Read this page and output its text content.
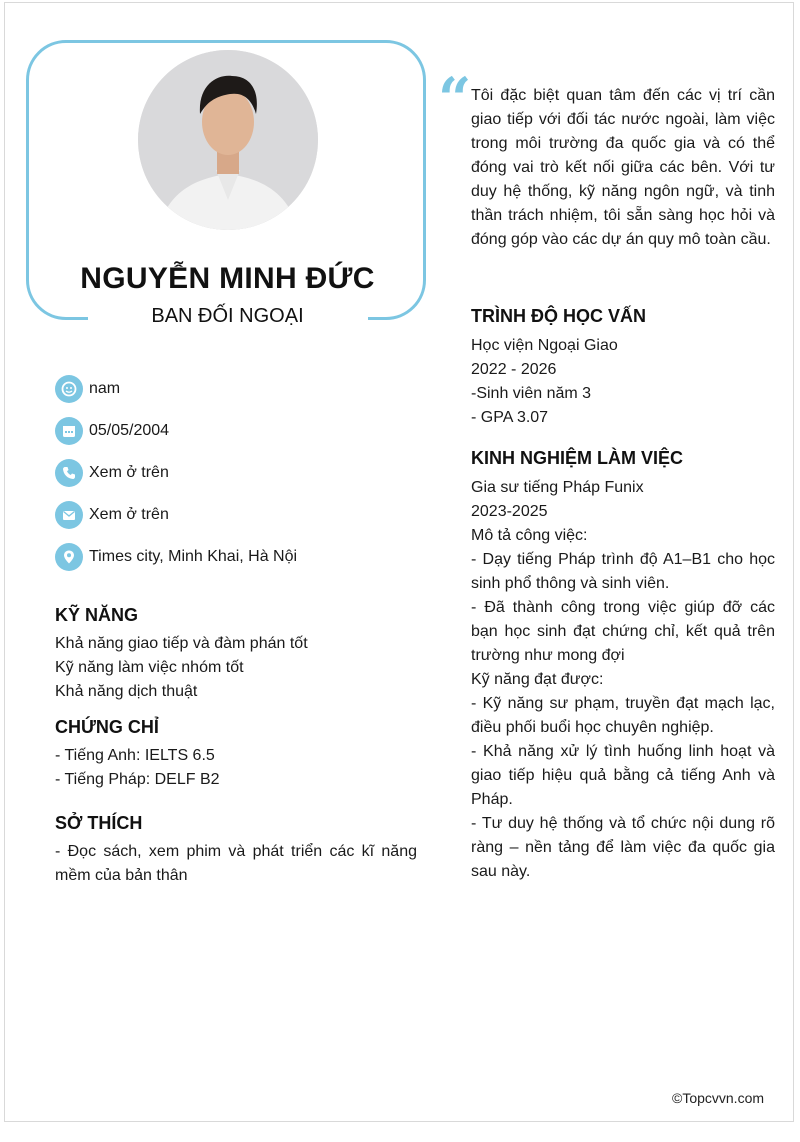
NGUYỄN MINH ĐỨC
BAN ĐỐI NGOẠI
nam
05/05/2004
Xem ở trên
Xem ở trên
Times city, Minh Khai, Hà Nội
KỸ NĂNG
Khả năng giao tiếp và đàm phán tốt
Kỹ năng làm việc nhóm tốt
Khả năng dịch thuật
CHỨNG CHỈ
- Tiếng Anh: IELTS 6.5
- Tiếng Pháp: DELF B2
SỞ THÍCH
- Đọc sách, xem phim và phát triển các kĩ năng mềm của bản thân
“ Tôi đặc biệt quan tâm đến các vị trí cần giao tiếp với đối tác nước ngoài, làm việc trong môi trường đa quốc gia và có thể đóng vai trò kết nối giữa các bên. Với tư duy hệ thống, kỹ năng ngôn ngữ, và tinh thần trách nhiệm, tôi sẵn sàng học hỏi và đóng góp vào các dự án quy mô toàn cầu.
TRÌNH ĐỘ HỌC VẤN
Học viện Ngoại Giao
2022 - 2026
-Sinh viên năm 3
- GPA 3.07
KINH NGHIỆM LÀM VIỆC
Gia sư tiếng Pháp Funix
2023-2025
Mô tả công việc:
- Dạy tiếng Pháp trình độ A1–B1 cho học sinh phổ thông và sinh viên.
- Đã thành công trong việc giúp đỡ các bạn học sinh đạt chứng chỉ, kết quả trên trường như mong đợi
Kỹ năng đạt được:
- Kỹ năng sư phạm, truyền đạt mạch lạc, điều phối buổi học chuyên nghiệp.
- Khả năng xử lý tình huống linh hoạt và giao tiếp hiệu quả bằng cả tiếng Anh và Pháp.
- Tư duy hệ thống và tổ chức nội dung rõ ràng – nền tảng để làm việc đa quốc gia sau này.
©Topcvvn.com
